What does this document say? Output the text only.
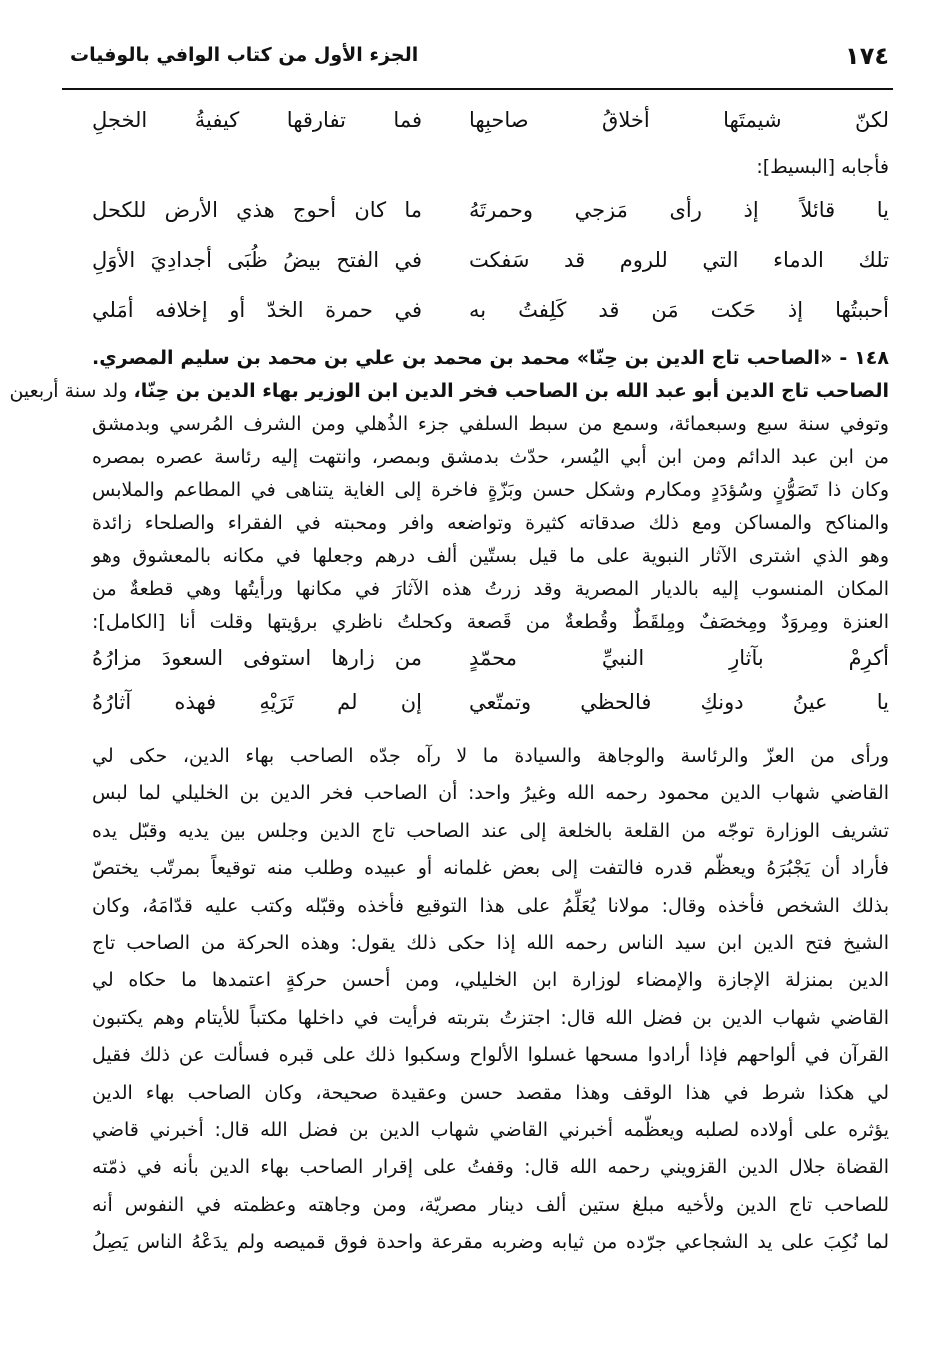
١٧٤
الجزء الأول من كتاب الوافي بالوفيات
لكنّ شيمتَها أخلاقُ صاحبِها
فما تفارقها كيفيةُ الخجلِ
فأجابه [البسيط]:
يا قائلاً إذ رأى مَزجي وحمرتَهُ
ما كان أحوج هذي الأرض للكحل
تلك الدماء التي للروم قد سَفكت
في الفتح بيضُ ظُبَى أجدادِيَ الأوَلِ
أحببتُها إذ حَكت مَن قد كَلِفتُ به
في حمرة الخدّ أو إخلافه أمَلي
١٤٨ - «الصاحب تاج الدين بن حِنّا» محمد بن محمد بن علي بن محمد بن سليم المصري.
الصاحب تاج الدين أبو عبد الله بن الصاحب فخر الدين ابن الوزير بهاء الدين بن حِنّا، ولد سنة أربعين
وتوفي سنة سبع وسبعمائة، وسمع من سبط السلفي جزء الذُهلي ومن الشرف المُرسي وبدمشق
من ابن عبد الدائم ومن ابن أبي اليُسر، حدّث بدمشق وبمصر، وانتهت إليه رئاسة عصره بمصره
وكان ذا تَصَوُّنٍ وسُؤدَدٍ ومكارم وشكل حسن وبَزّةٍ فاخرة إلى الغاية يتناهى في المطاعم والملابس
والمناكح والمساكن ومع ذلك صدقاته كثيرة وتواضعه وافر ومحبته في الفقراء والصلحاء زائدة
وهو الذي اشترى الآثار النبوية على ما قيل بستّين ألف درهم وجعلها في مكانه بالمعشوق وهو
المكان المنسوب إليه بالديار المصرية وقد زرتُ هذه الآثارَ في مكانها ورأيتُها وهي قطعةٌ من
العنزة ومِروَدٌ ومِخصَفٌ ومِلقَطٌ وقُطعةٌ من قَصعة وكحلتُ ناظري برؤيتها وقلت أنا [الكامل]:
أكرِمْ بآثارِ النبيِّ محمّدٍ
من زارها استوفى السعودَ مزارُهُ
يا عينُ دونكِ فالحظي وتمتّعي
إن لم تَرَيْهِ فهذه آثارُهُ
ورأى من العزّ والرئاسة والوجاهة والسيادة ما لا رآه جدّه الصاحب بهاء الدين، حكى لي
القاضي شهاب الدين محمود رحمه الله وغيرُ واحد: أن الصاحب فخر الدين بن الخليلي لما لبس
تشريف الوزارة توجّه من القلعة بالخلعة إلى عند الصاحب تاج الدين وجلس بين يديه وقبّل يده
فأراد أن يَجْبُرَهُ ويعظّم قدره فالتفت إلى بعض غلمانه أو عبيده وطلب منه توقيعاً بمرتّب يختصّ
بذلك الشخص فأخذه وقال: مولانا يُعَلِّمُ على هذا التوقيع فأخذه وقبّله وكتب عليه قدّامَهُ، وكان
الشيخ فتح الدين ابن سيد الناس رحمه الله إذا حكى ذلك يقول: وهذه الحركة من الصاحب تاج
الدين بمنزلة الإجازة والإمضاء لوزارة ابن الخليلي، ومن أحسن حركةٍ اعتمدها ما حكاه لي
القاضي شهاب الدين بن فضل الله قال: اجتزتُ بتربته فرأيت في داخلها مكتباً للأيتام وهم يكتبون
القرآن في ألواحهم فإذا أرادوا مسحها غسلوا الألواح وسكبوا ذلك على قبره فسألت عن ذلك فقيل
لي هكذا شرط في هذا الوقف وهذا مقصد حسن وعقيدة صحيحة، وكان الصاحب بهاء الدين
يؤثره على أولاده لصلبه ويعظّمه أخبرني القاضي شهاب الدين بن فضل الله قال: أخبرني قاضي
القضاة جلال الدين القزويني رحمه الله قال: وقفتُ على إقرار الصاحب بهاء الدين بأنه في ذمّته
للصاحب تاج الدين ولأخيه مبلغ ستين ألف دينار مصريّة، ومن وجاهته وعظمته في النفوس أنه
لما نُكِبَ على يد الشجاعي جرّده من ثيابه وضربه مقرعة واحدة فوق قميصه ولم يدَعْهُ الناس يَصِلُ
